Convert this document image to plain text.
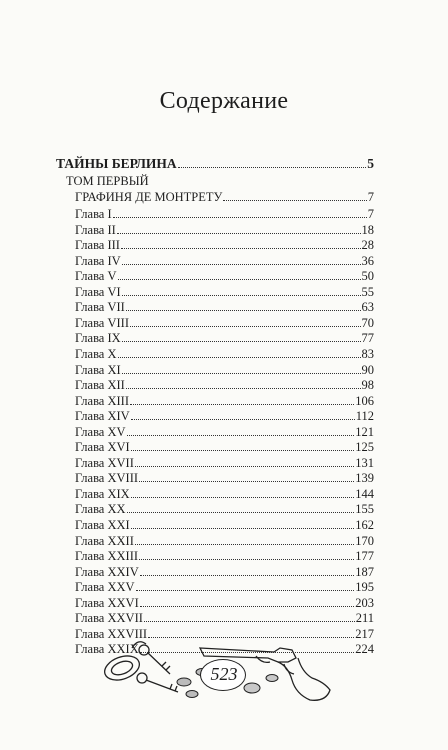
Содержание
ТАЙНЫ БЕРЛИНА	5
ТОМ ПЕРВЫЙ
ГРАФИНЯ ДЕ МОНТРЕТУ	7
Глава I	7
Глава II	18
Глава III	28
Глава IV	36
Глава V	50
Глава VI	55
Глава VII	63
Глава VIII	70
Глава IX	77
Глава X	83
Глава XI	90
Глава XII	98
Глава XIII	106
Глава XIV	112
Глава XV	121
Глава XVI	125
Глава XVII	131
Глава XVIII	139
Глава XIX	144
Глава XX	155
Глава XXI	162
Глава XXII	170
Глава XXIII	177
Глава XXIV	187
Глава XXV	195
Глава XXVI	203
Глава XXVII	211
Глава XXVIII	217
Глава XXIX	224
523
